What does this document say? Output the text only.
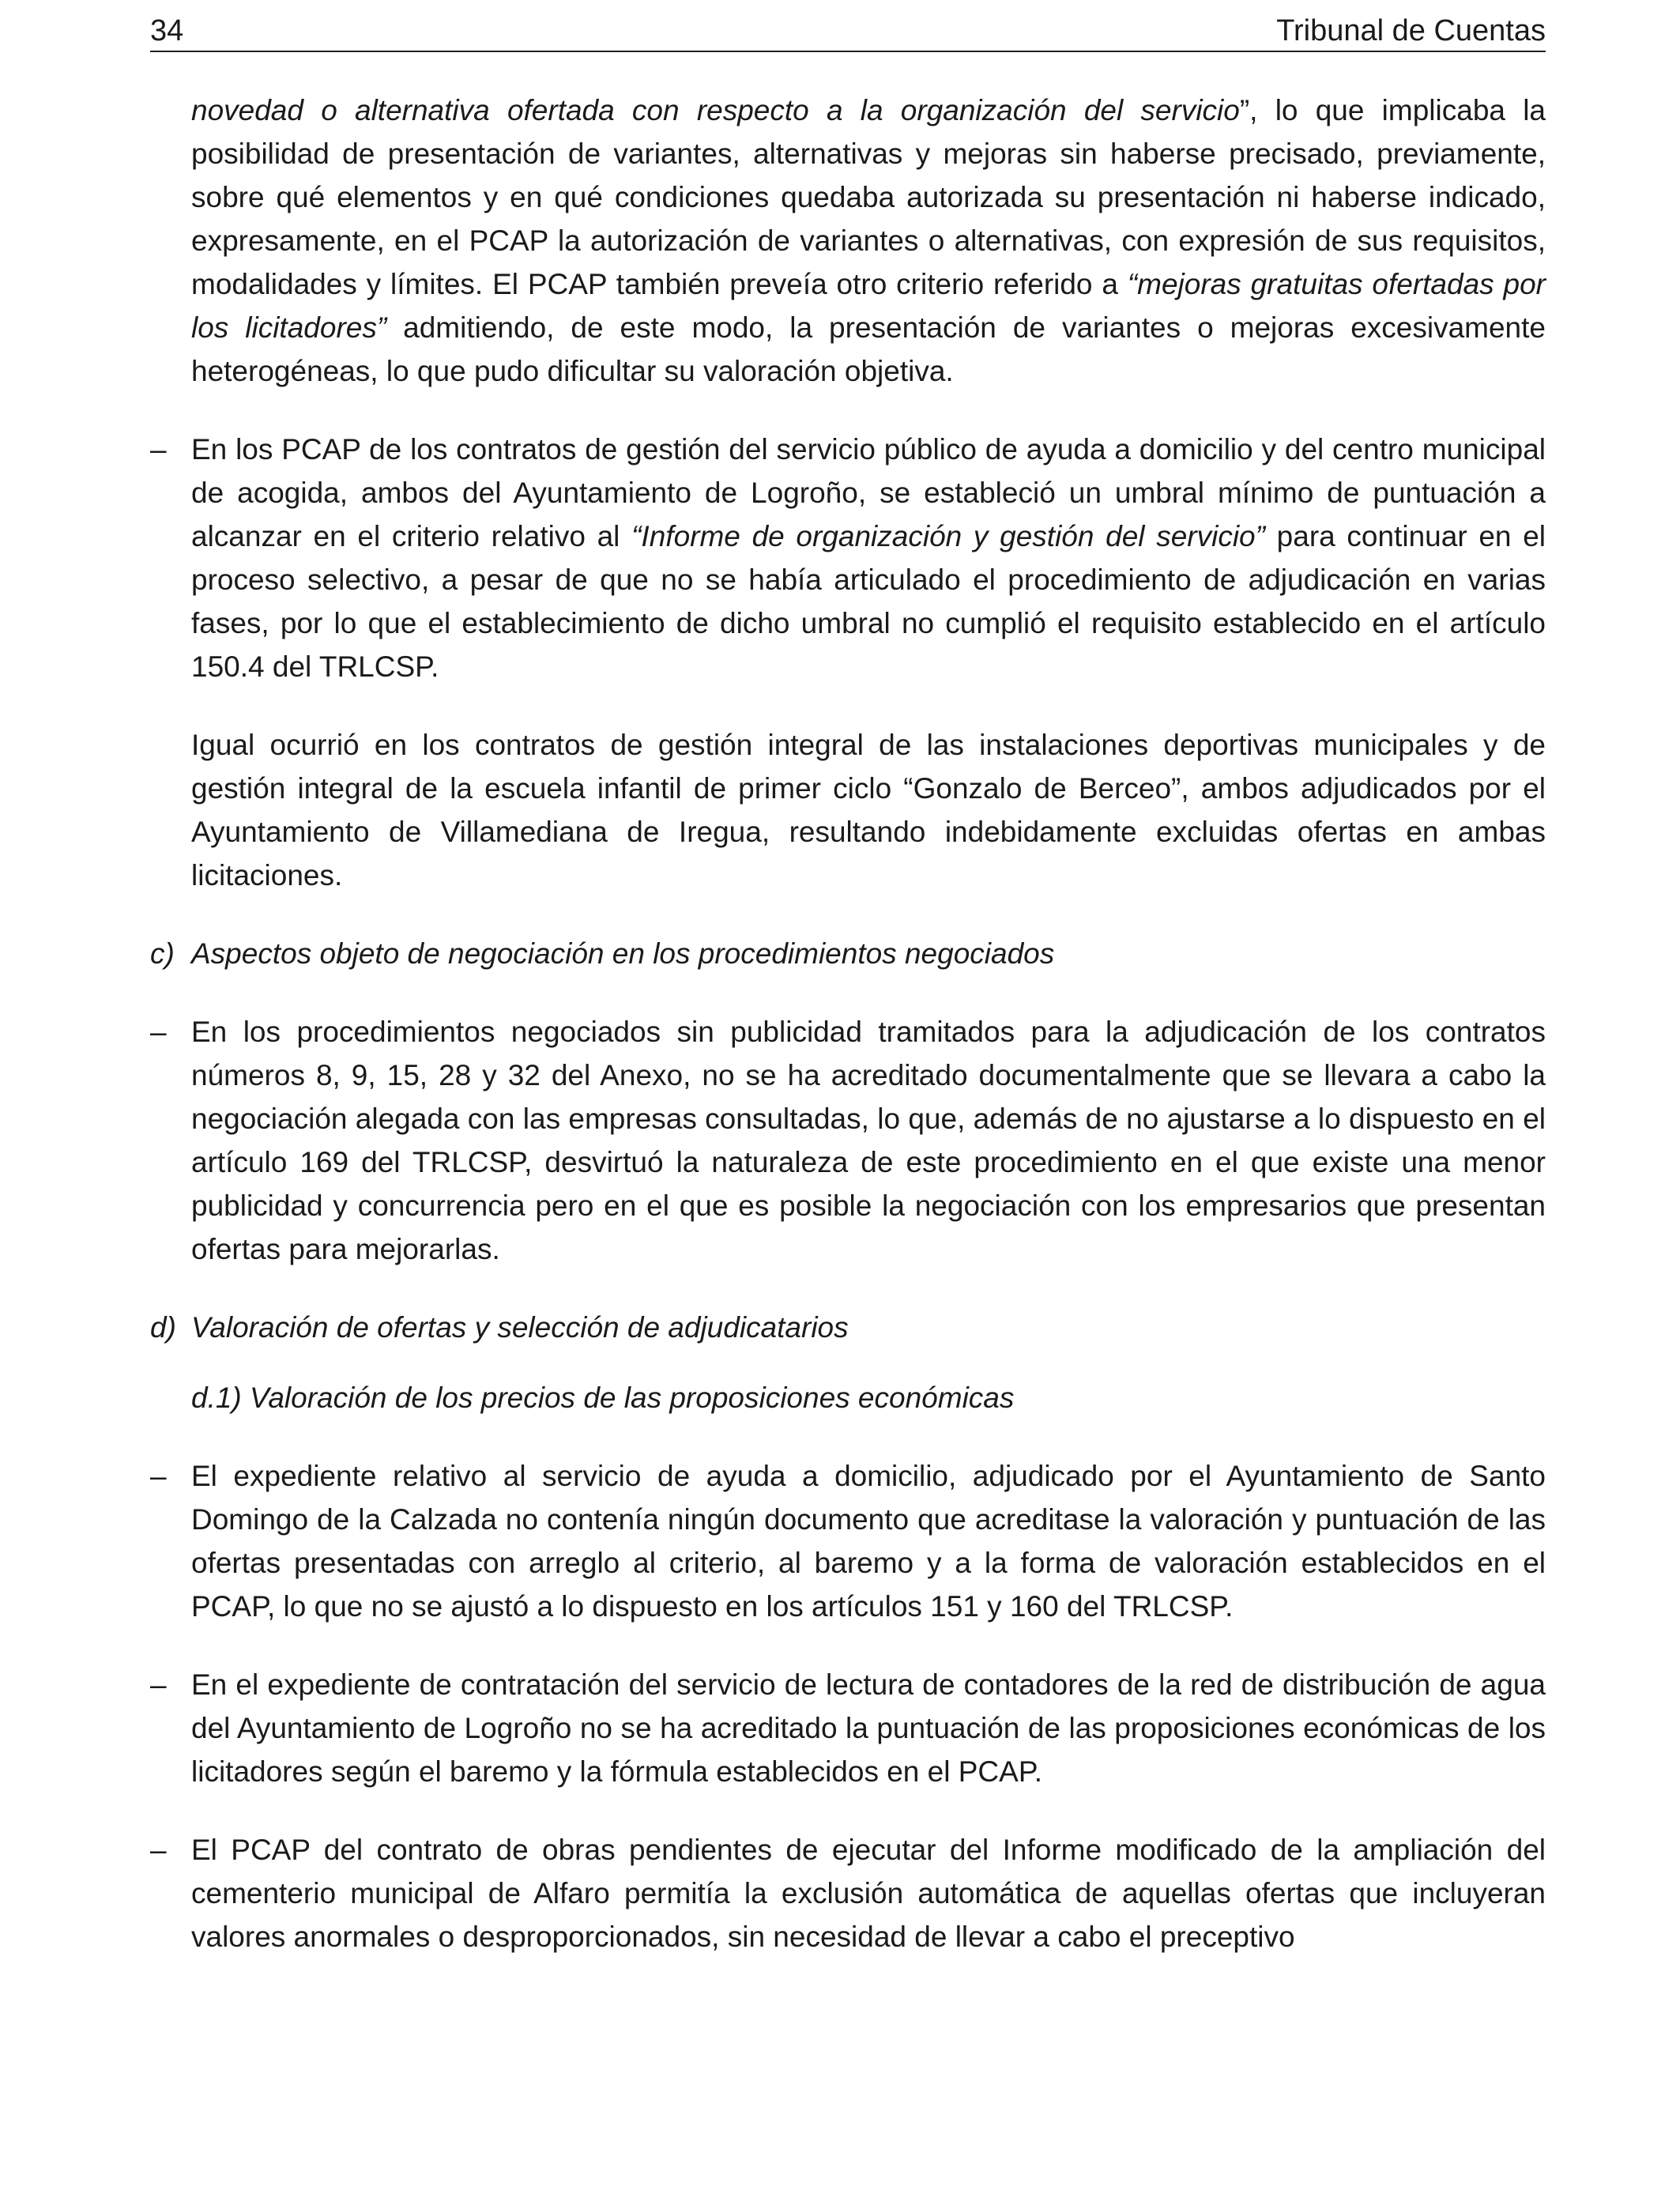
34	Tribunal de Cuentas

novedad o alternativa ofertada con respecto a la organización del servicio”, lo que implicaba la posibilidad de presentación de variantes, alternativas y mejoras sin haberse precisado, previamente, sobre qué elementos y en qué condiciones quedaba autorizada su presentación ni haberse indicado, expresamente, en el PCAP la autorización de variantes o alternativas, con expresión de sus requisitos, modalidades y límites. El PCAP también preveía otro criterio referido a “mejoras gratuitas ofertadas por los licitadores” admitiendo, de este modo, la presentación de variantes o mejoras excesivamente heterogéneas, lo que pudo dificultar su valoración objetiva.

– En los PCAP de los contratos de gestión del servicio público de ayuda a domicilio y del centro municipal de acogida, ambos del Ayuntamiento de Logroño, se estableció un umbral mínimo de puntuación a alcanzar en el criterio relativo al “Informe de organización y gestión del servicio” para continuar en el proceso selectivo, a pesar de que no se había articulado el procedimiento de adjudicación en varias fases, por lo que el establecimiento de dicho umbral no cumplió el requisito establecido en el artículo 150.4 del TRLCSP.

Igual ocurrió en los contratos de gestión integral de las instalaciones deportivas municipales y de gestión integral de la escuela infantil de primer ciclo “Gonzalo de Berceo”, ambos adjudicados por el Ayuntamiento de Villamediana de Iregua, resultando indebidamente excluidas ofertas en ambas licitaciones.

c) Aspectos objeto de negociación en los procedimientos negociados

– En los procedimientos negociados sin publicidad tramitados para la adjudicación de los contratos números 8, 9, 15, 28 y 32 del Anexo, no se ha acreditado documentalmente que se llevara a cabo la negociación alegada con las empresas consultadas, lo que, además de no ajustarse a lo dispuesto en el artículo 169 del TRLCSP, desvirtuó la naturaleza de este procedimiento en el que existe una menor publicidad y concurrencia pero en el que es posible la negociación con los empresarios que presentan ofertas para mejorarlas.

d) Valoración de ofertas y selección de adjudicatarios

d.1) Valoración de los precios de las proposiciones económicas

– El expediente relativo al servicio de ayuda a domicilio, adjudicado por el Ayuntamiento de Santo Domingo de la Calzada no contenía ningún documento que acreditase la valoración y puntuación de las ofertas presentadas con arreglo al criterio, al baremo y a la forma de valoración establecidos en el PCAP, lo que no se ajustó a lo dispuesto en los artículos 151 y 160 del TRLCSP.

– En el expediente de contratación del servicio de lectura de contadores de la red de distribución de agua del Ayuntamiento de Logroño no se ha acreditado la puntuación de las proposiciones económicas de los licitadores según el baremo y la fórmula establecidos en el PCAP.

– El PCAP del contrato de obras pendientes de ejecutar del Informe modificado de la ampliación del cementerio municipal de Alfaro permitía la exclusión automática de aquellas ofertas que incluyeran valores anormales o desproporcionados, sin necesidad de llevar a cabo el preceptivo
